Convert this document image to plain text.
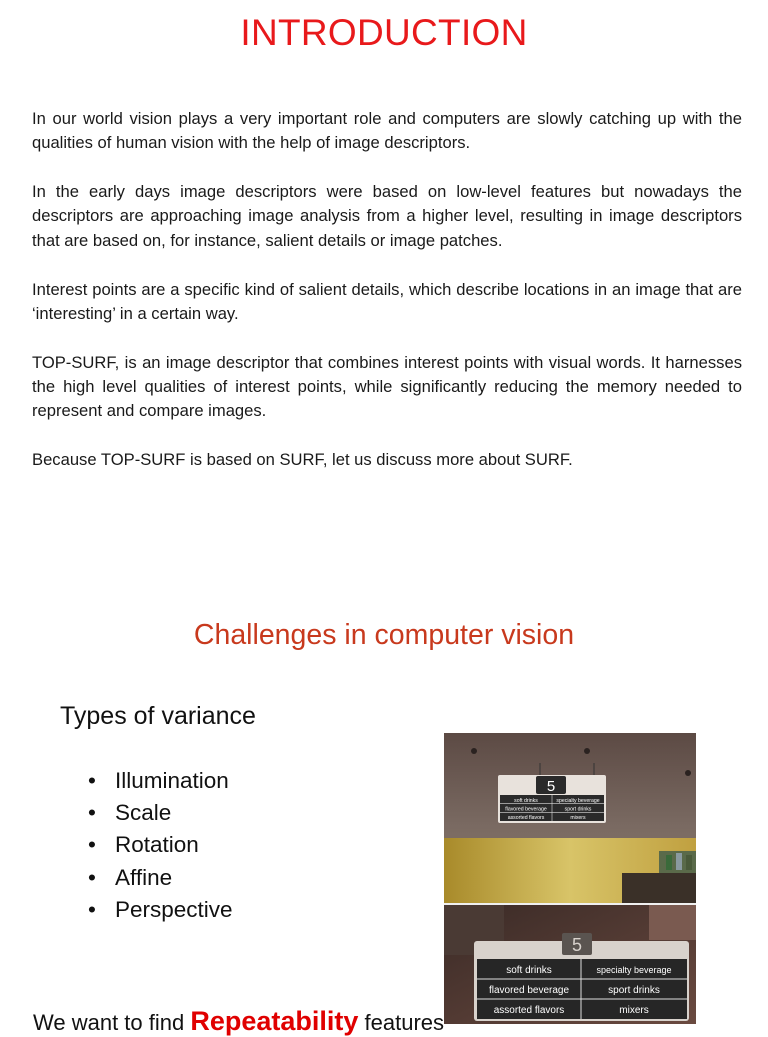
INTRODUCTION

In our world vision plays a very important role and computers are slowly catching up with the qualities of human vision with the help of image descriptors.

In the early days image descriptors were based on low-level features but nowadays the descriptors are approaching image analysis from a higher level, resulting in image descriptors that are based on, for instance, salient details or image patches.

Interest points are a specific kind of salient details, which describe locations in an image that are ‘interesting’ in a certain way.

TOP-SURF, is an image descriptor that combines interest points with visual words. It harnesses the high level qualities of interest points, while significantly reducing the memory needed to represent and compare images.

Because TOP-SURF is based on SURF, let us discuss more about SURF.

Challenges in computer vision
Types of variance
• Illumination
• Scale
• Rotation
• Affine
• Perspective
We want to find Repeatability features
5
soft drinks	specialty beverage
flavored beverage	sport drinks
assorted flavors	mixers
5
soft drinks	specialty beverage
flavored beverage	sport drinks
assorted flavors	mixers
